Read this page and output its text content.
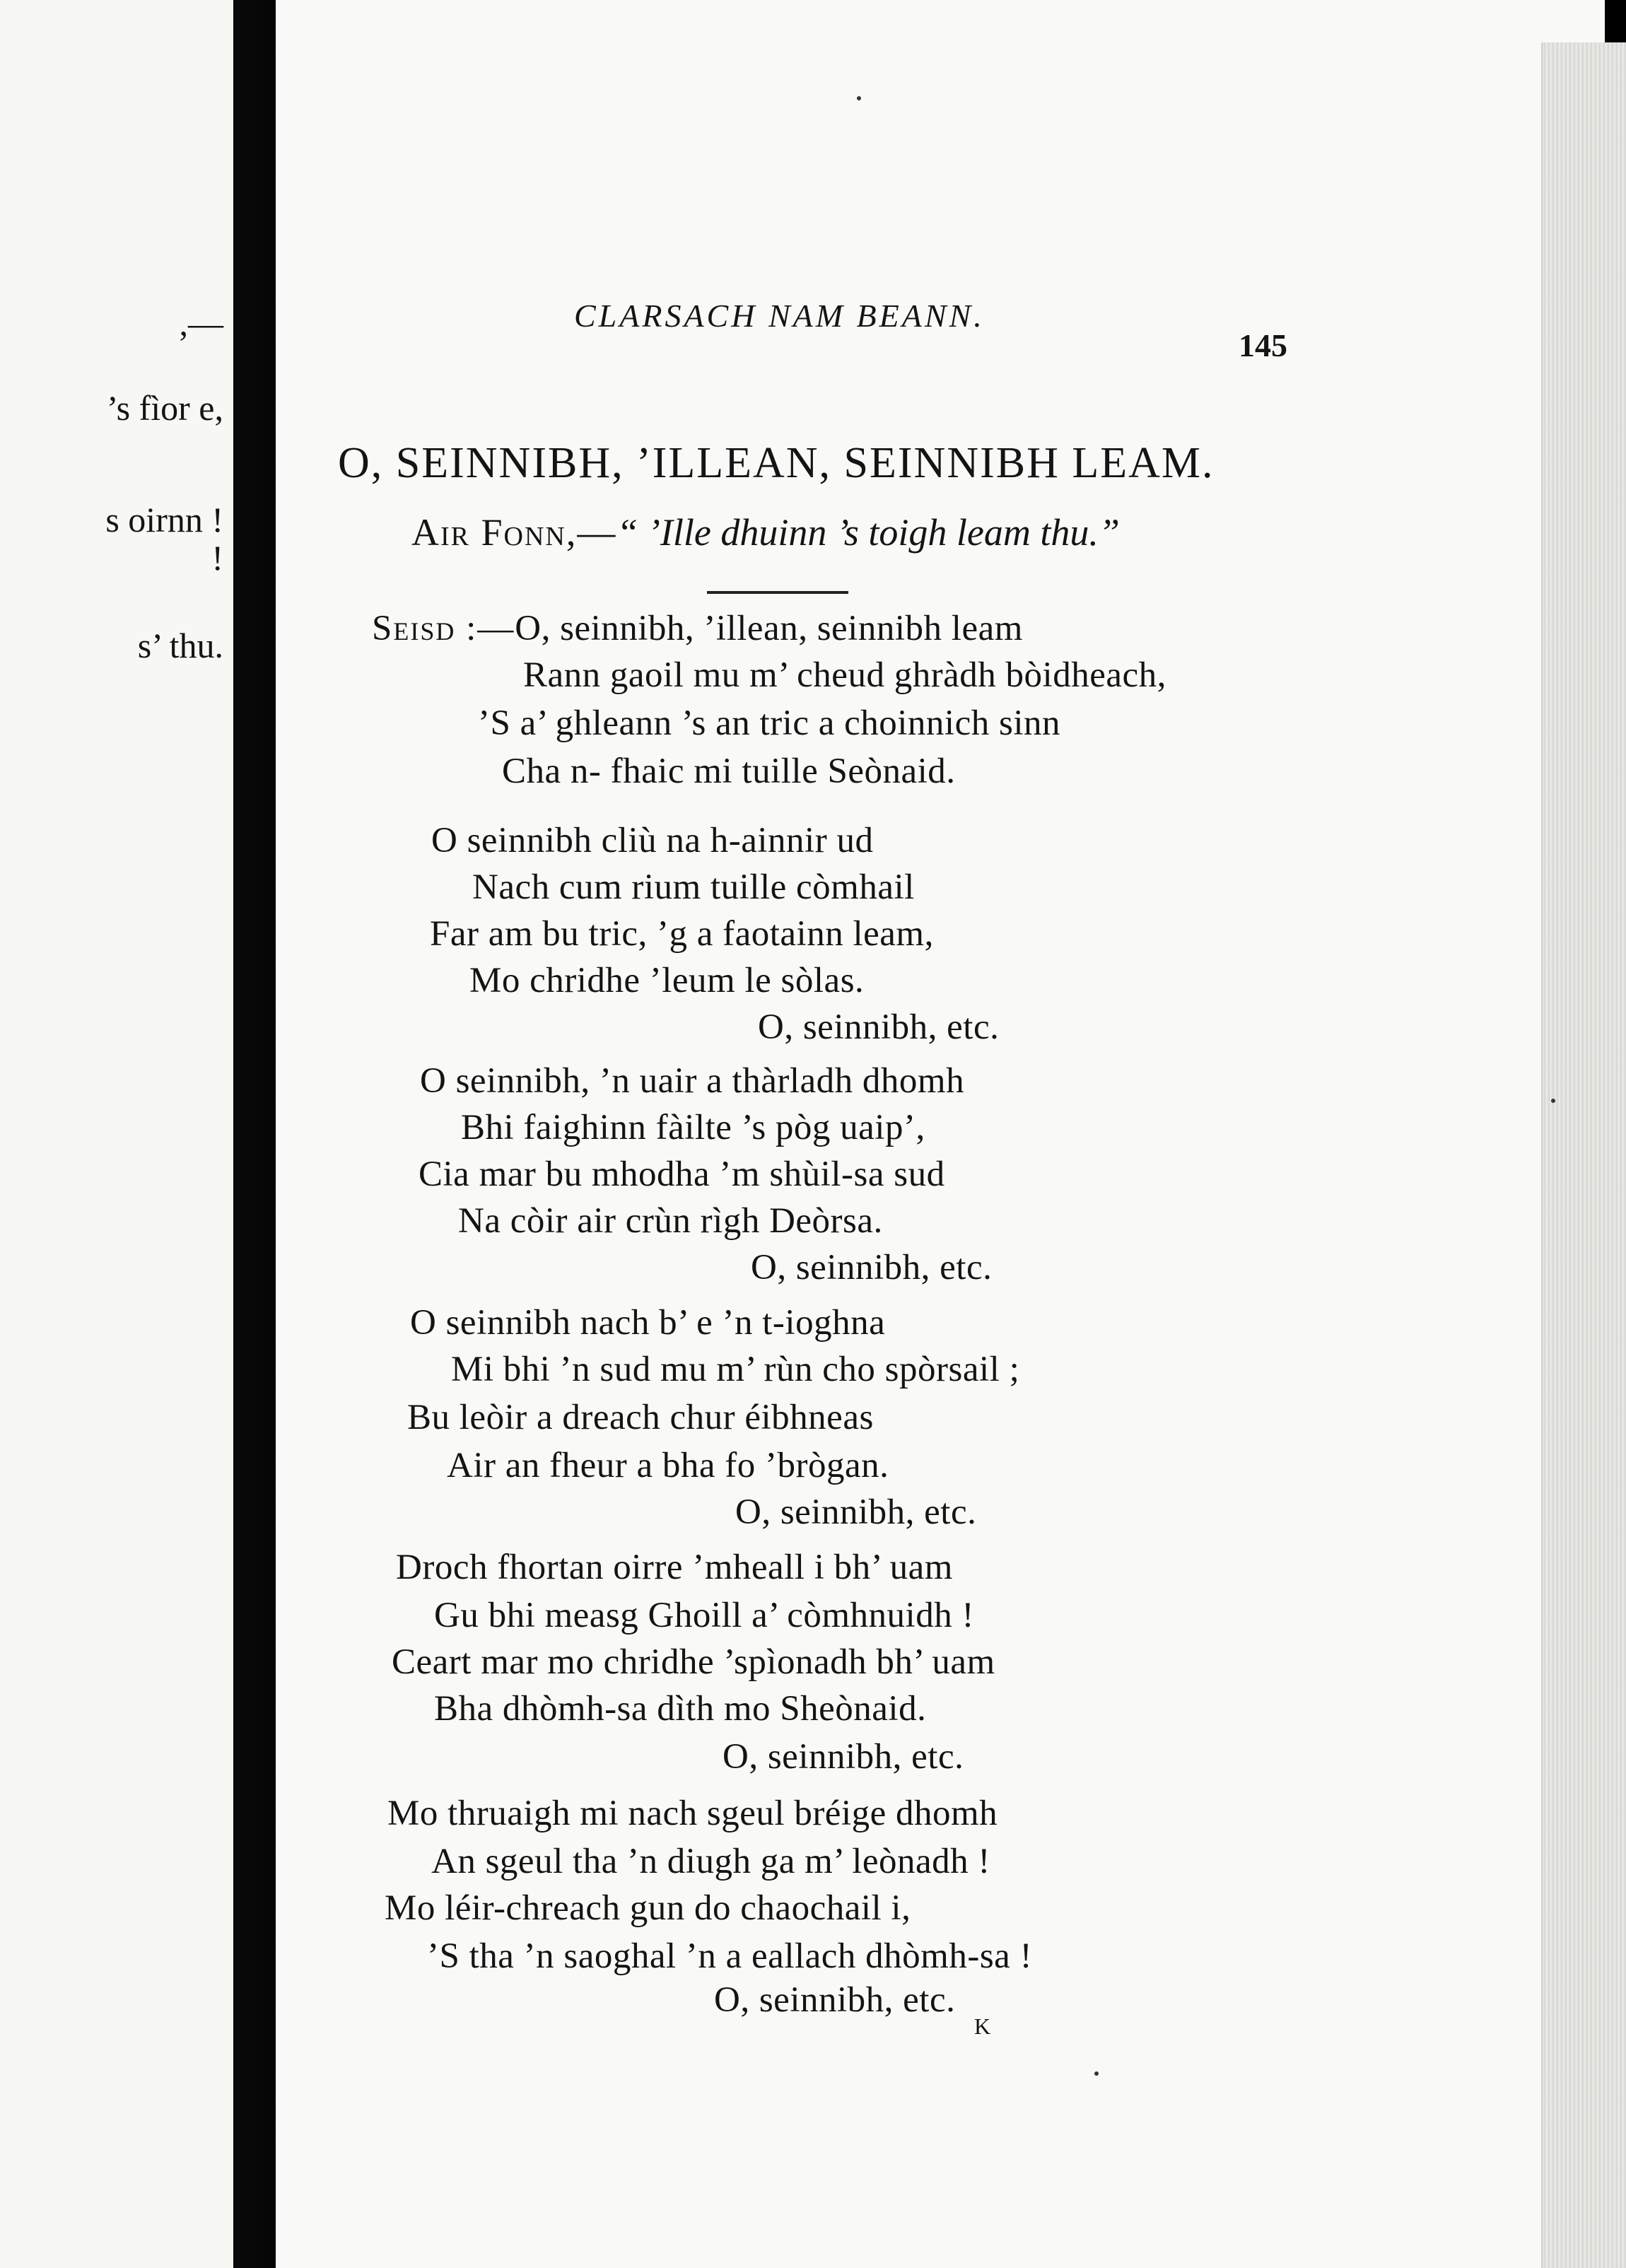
,—
’s fìor e,
s oirnn !
!
s’ thu.
CLARSACH NAM BEANN.
145
O, SEINNIBH, ’ILLEAN, SEINNIBH LEAM.
Air Fonn,—“ ’Ille dhuinn ’s toigh leam thu.”
Seisd :—O, seinnibh, ’illean, seinnibh leam
Rann gaoil mu m’ cheud ghràdh bòidheach,
’S a’ ghleann ’s an tric a choinnich sinn
Cha n- fhaic mi tuille Seònaid.
O seinnibh cliù na h-ainnir ud
Nach cum rium tuille còmhail
Far am bu tric, ’g a faotainn leam,
Mo chridhe ’leum le sòlas.
O, seinnibh, etc.
O seinnibh, ’n uair a thàrladh dhomh
Bhi faighinn fàilte ’s pòg uaip’,
Cia mar bu mhodha ’m shùil-sa sud
Na còir air crùn rìgh Deòrsa.
O, seinnibh, etc.
O seinnibh nach b’ e ’n t-ioghna
Mi bhi ’n sud mu m’ rùn cho spòrsail ;
Bu leòir a dreach chur éibhneas
Air an fheur a bha fo ’brògan.
O, seinnibh, etc.
Droch fhortan oirre ’mheall i bh’ uam
Gu bhi measg Ghoill a’ còmhnuidh !
Ceart mar mo chridhe ’spìonadh bh’ uam
Bha dhòmh-sa dìth mo Sheònaid.
O, seinnibh, etc.
Mo thruaigh mi nach sgeul bréige dhomh
An sgeul tha ’n diugh ga m’ leònadh !
Mo léir-chreach gun do chaochail i,
’S tha ’n saoghal ’n a eallach dhòmh-sa !
O, seinnibh, etc.
K
